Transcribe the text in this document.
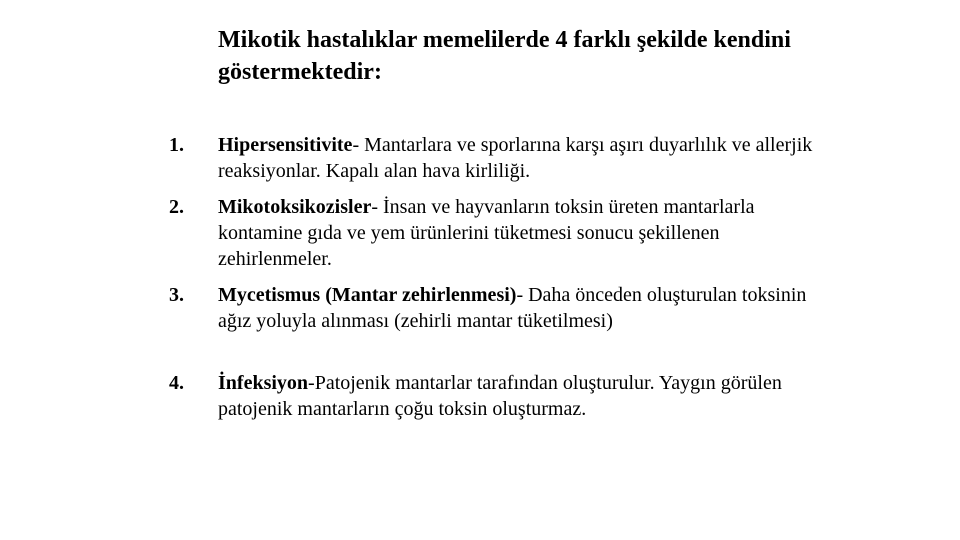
Mikotik hastalıklar memelilerde 4 farklı şekilde kendini göstermektedir:
1. Hipersensitivite- Mantarlara ve sporlarına karşı aşırı duyarlılık ve allerjik reaksiyonlar. Kapalı alan hava kirliliği.
2. Mikotoksikozisler- İnsan ve hayvanların toksin üreten mantarlarla kontamine gıda ve yem ürünlerini tüketmesi sonucu şekillenen zehirlenmeler.
3. Mycetismus (Mantar zehirlenmesi)- Daha önceden oluşturulan toksinin ağız yoluyla alınması (zehirli mantar tüketilmesi)
4. İnfeksiyon-Patojenik mantarlar tarafından oluşturulur. Yaygın görülen patojenik mantarların çoğu toksin oluşturmaz.
